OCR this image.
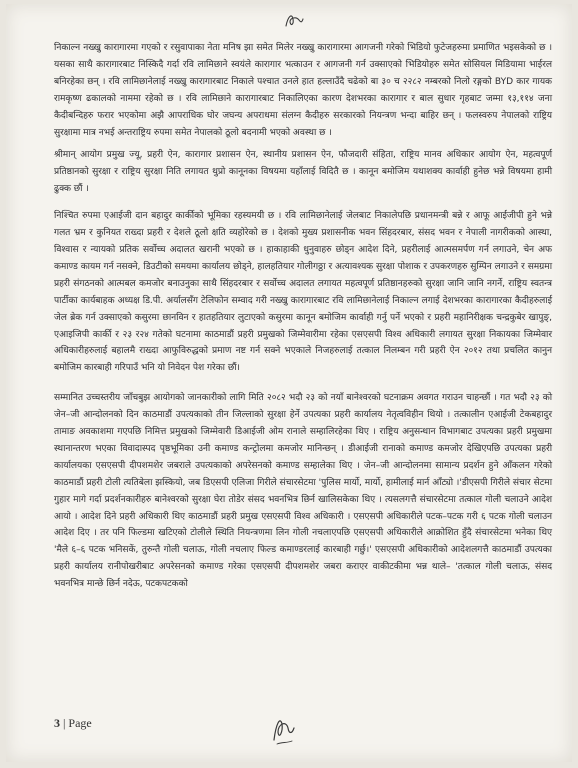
निकाल्न नख्खु कारागारमा गएको र रसुवापाका नेता मनिष झा समेत मिलेर नख्खु कारागारमा आगजनी गरेको भिडियो फुटेजहरुमा प्रमाणित भइसकेको छ । यसका साथै कारागारबाट निस्किदै गर्दा रवि लामिछाने स्वयंले कारागार भत्काउन र आगजनी गर्न उक्साएको भिडियोहरु समेत सोसियल मिडियामा भाईरल बनिरहेका छन् । रवि लामिछानेलाई नख्खु कारागारबाट निकाले पश्चात उनले हात हल्लाउँदै चढेको बा ३० च २२८२ नम्बरको निलो रङ्गको BYD कार गायक रामकृष्ण ढकालको नाममा रहेको छ । रवि लामिछाने कारागारबाट निकालिएका कारण देशभरका कारागार र बाल सुधार गृहबाट जम्मा १३,११४ जना कैदीबन्दिहरु फरार भएकोमा अझै आपराधिक घोर जघन्य अपराधमा संलग्न कैदीहरु सरकारको नियन्त्रण भन्दा बाहिर छन् । फलस्वरुप नेपालको राष्ट्रिय सुरक्षामा मात्र नभई अन्तराष्ट्रिय रुपमा समेत नेपालको ठूलो बदनामी भएको अवस्था छ ।

श्रीमान् आयोग प्रमुख ज्यू, प्रहरी ऐन, कारागार प्रशासन ऐन, स्थानीय प्रशासन ऐन, फौजदारी संहिता, राष्ट्रिय मानव अधिकार आयोग ऐन, महत्वपूर्ण प्रतिष्ठानको सुरक्षा र राष्ट्रिय सुरक्षा निति लगायत थुप्रो कानूनका विषयमा यहाँलाई विदितै छ । कानून बमोजिम यथाशक्य कार्वाही हुनेछ भन्ने विषयमा हामी ढुक्क छौं ।

निश्चित रुपमा एआईजी दान बहादुर कार्कीको भूमिका रहस्यमयी छ । रवि लामिछानेलाई जेलबाट निकालेपछि प्रधानमन्त्री बन्ने र आफू आईजीपी हुने भन्ने गलत भ्रम र कुनियत राख्दा प्रहरी र देशले ठूलो क्षति व्यहोरेको छ । देशको मुख्य प्रशासनीक भवन सिंहदरबार, संसद भवन र नेपाली नागरीकको आस्था, विश्वास र न्यायको प्रतिक सर्वोच्च अदालत खरानी भएको छ । हाकाहाकी धुनुवाहरु छोड्न आदेश दिने, प्रहरीलाई आत्मसमर्पण गर्न लगाउने, चेन अफ कमाण्ड कायम गर्न नसक्ने, डिउटीको समयमा कार्यालय छोड्ने, हालहतियार गोलीगठ्ठा र अत्यावश्यक सुरक्षा पोशाक र उपकरणहरु सुम्पिन लगाउने र समग्रमा प्रहरी संगठनको आत्मबल कमजोर बनाउनुका साथै सिंहदरबार र सर्वोच्च अदालत लगायत महत्वपूर्ण प्रतिष्ठानहरुको सुरक्षा जानि जानि नगर्ने, राष्ट्रिय स्वतन्त्र पार्टीका कार्यबाहक अध्यक्ष डि.पी. अर्यालसँग टेलिफोन सम्वाद गरी नख्खु कारागारबाट रवि लामिछानेलाई निकाल्न लगाई देशभरका कारागारका कैदीहरुलाई जेल ब्रेक गर्न उक्साएको कसुरमा छानविन र हातहतियार लुटाएको कसुरमा कानून बमोजिम कार्वाही गर्नु पर्ने भएको र प्रहरी महानिरीक्षक चन्द्रकुबेर खापुङ्, एआइजिपी कार्की र २३ र२४ गतेको घटनामा काठमाडौं प्रहरी प्रमुखको जिम्मेवारीमा रहेका एसएसपी विश्व अधिकारी लगायत सुरक्षा निकायका जिम्मेवार अधिकारीहरुलाई बहालमै राख्दा आफुविरुद्धको प्रमाण नष्ट गर्न सक्ने भएकाले निजहरुलाई तत्काल निलम्बन गरी प्रहरी ऐन २०१२ तथा प्रचलित कानुन बमोजिम कारबाही गरिपाउँ भनि यो निवेदन पेश गरेका छौं।

सम्मानित उच्चस्तरीय जाँचबुझ आयोगको जानकारीको लागि मिति २०८२ भदौ २३ को नयाँ बानेश्वरको घटनाक्रम अवगत गराउन चाहन्छौं । गत भदौ २३ को जेन–जी आन्दोलनको दिन काठमाडौं उपत्यकाको तीन जिल्लाको सुरक्षा हेर्ने उपत्यका प्रहरी कार्यालय नेतृत्वविहीन थियो । तत्कालीन एआईजी टेकबहादुर तामाङ अवकाशमा गएपछि निमित्त प्रमुखको जिम्मेवारी डिआईजी ओम रानाले सम्हालिरहेका थिए । राष्ट्रिय अनुसन्धान विभागबाट उपत्यका प्रहरी प्रमुखमा स्थानान्तरण भएका विवादास्पद पृष्ठभूमिका उनी कमाण्ड कन्ट्रोलमा कमजोर मानिन्छन् । डीआईजी रानाको कमाण्ड कमजोर देखिएपछि उपत्यका प्रहरी कार्यालयका एसएसपी दीपशमशेर जबराले उपत्यकाको अपरेसनको कमाण्ड सम्हालेका थिए । जेन–जी आन्दोलनमा सामान्य प्रदर्शन हुने आँकलन गरेको काठमाडौं प्रहरी टोली त्यतिबेला झस्कियो, जब डिएसपी एलिजा गिरीले संचारसेटमा 'पुलिस मार्यो, मार्यो, हामीलाई मार्न आँट्यो ।'डीएसपी गिरीले संचार सेटमा गुहार मागे गर्दा प्रदर्शनकारीहरु बानेश्वरको सुरक्षा घेरा तोडेर संसद भवनभित्र छिर्न खालिसकेका थिए । त्यसलगत्तै संचारसेटमा तत्काल गोली चलाउने आदेश आयो । आदेश दिने प्रहरी अधिकारी थिए काठमाडौं प्रहरी प्रमुख एसएसपी विश्व अधिकारी । एसएसपी अधिकारीले पटक–पटक गरी ६ पटक गोली चलाउन आदेश दिए । तर पनि फिल्डमा खटिएको टोलीले स्थिति नियन्त्रणमा लिन गोली नचलाएपछि एसएसपी अधिकारीले आक्रोशित हुँदै संचारसेटमा भनेका थिए 'मैले ६–६ पटक भनिसकें, तुरुन्तै गोली चलाऊ, गोली नचलाए फिल्ड कमाण्डरलाई कारबाही गर्छु।' एसएसपी अधिकारीको आदेशलगत्तै काठमाडौं उपत्यका प्रहरी कार्यालय रानीपोखरीबाट अपरेसनको कमाण्ड गरेका एसएसपी दीपशमशेर जबरा कराएर वाकीटकीमा भन्न थाले– 'तत्काल गोली चलाऊ, संसद भवनभित्र मान्छे छिर्न नदेऊ, पटकपटकको

3 | Page
